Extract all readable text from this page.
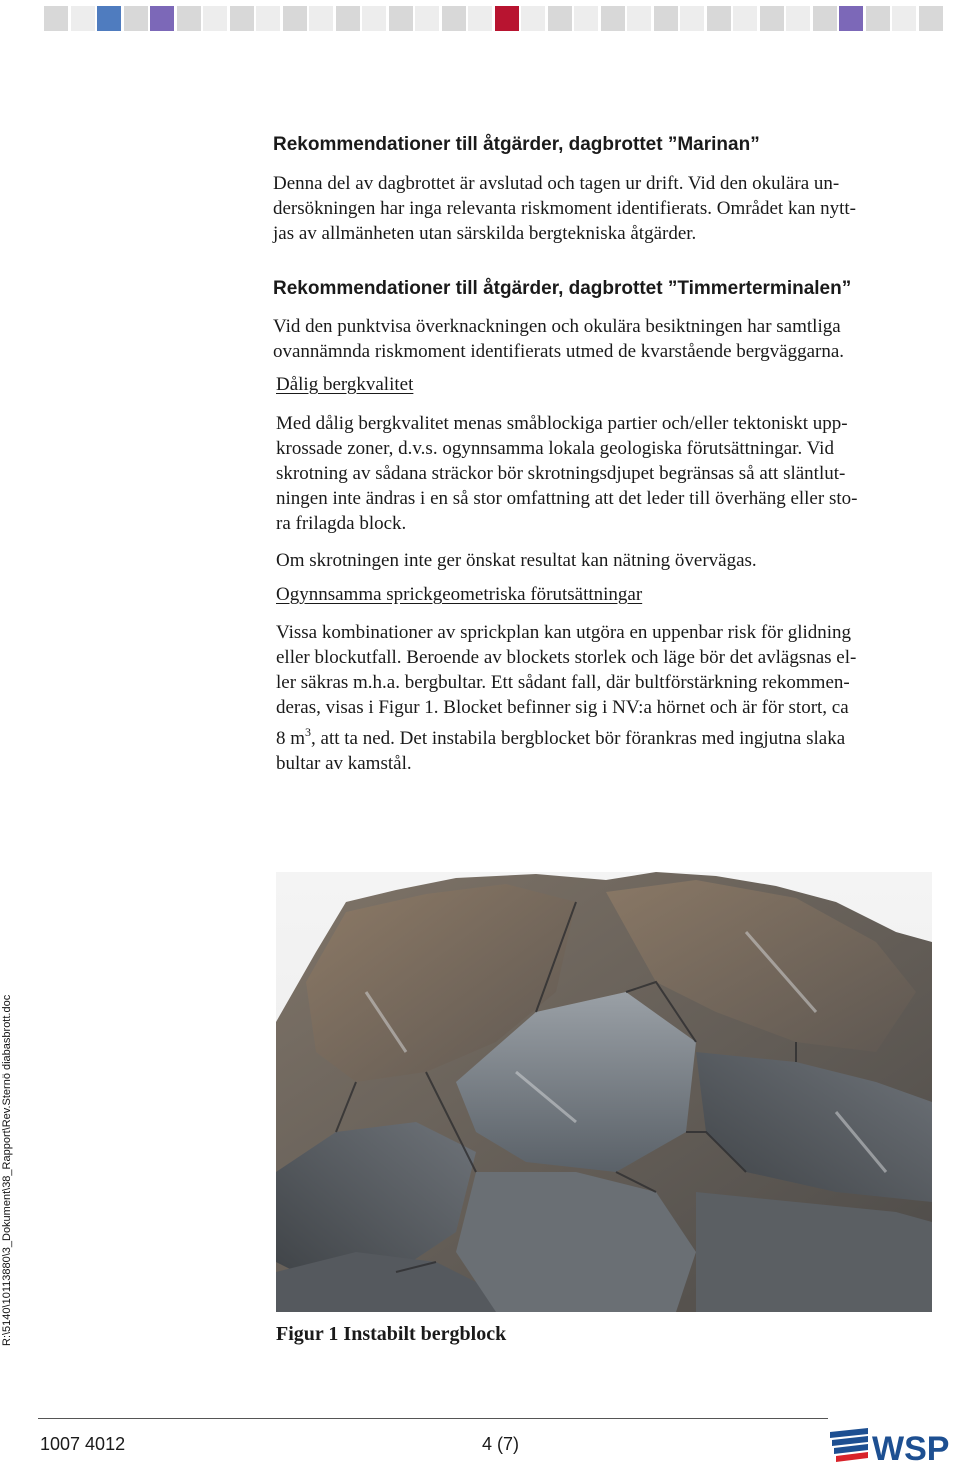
R:\5140\10113880\3_Dokument\38_Rapport\Rev.Sternö diabasbrott.doc
Rekommendationer till åtgärder, dagbrottet ”Marinan”
Denna del av dagbrottet är avslutad och tagen ur drift. Vid den okulära un-
dersökningen har inga relevanta riskmoment identifierats. Området kan nytt-
jas av allmänheten utan särskilda bergtekniska åtgärder.
Rekommendationer till åtgärder, dagbrottet ”Timmerterminalen”
Vid den punktvisa överknackningen och okulära besiktningen har samtliga
ovannämnda riskmoment identifierats utmed de kvarstående bergväggarna.
Dålig bergkvalitet
Med dålig bergkvalitet menas småblockiga partier och/eller tektoniskt upp-
krossade zoner, d.v.s. ogynnsamma lokala geologiska förutsättningar. Vid
skrotning av sådana sträckor bör skrotningsdjupet begränsas så att släntlut-
ningen inte ändras i en så stor omfattning att det leder till överhäng eller sto-
ra frilagda block.
Om skrotningen inte ger önskat resultat kan nätning övervägas.
Ogynnsamma sprickgeometriska förutsättningar
Vissa kombinationer av sprickplan kan utgöra en uppenbar risk för glidning
eller blockutfall. Beroende av blockets storlek och läge bör det avlägsnas el-
ler säkras m.h.a. bergbultar. Ett sådant fall, där bultförstärkning rekommen-
deras, visas i Figur 1. Blocket befinner sig i NV:a hörnet och är för stort, ca
8 $m^3$, att ta ned. Det instabila bergblocket bör förankras med ingjutna slaka
bultar av kamstål.
Figur 1 Instabilt bergblock
1007 4012	4 (7)	WSP
